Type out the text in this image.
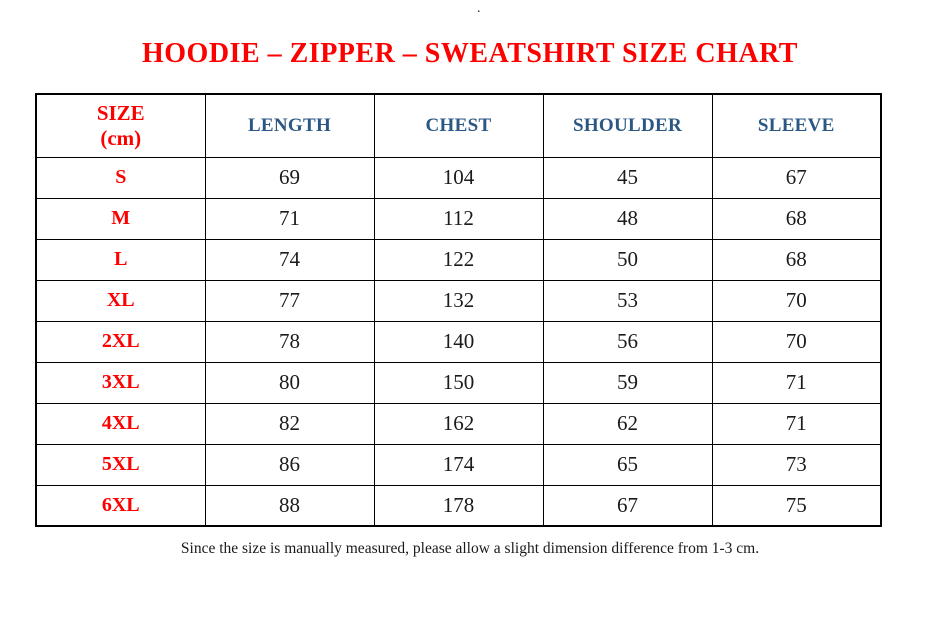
.
HOODIE – ZIPPER – SWEATSHIRT SIZE CHART
SIZE
(cm)	LENGTH	CHEST	SHOULDER	SLEEVE
S	69	104	45	67
M	71	112	48	68
L	74	122	50	68
XL	77	132	53	70
2XL	78	140	56	70
3XL	80	150	59	71
4XL	82	162	62	71
5XL	86	174	65	73
6XL	88	178	67	75

Since the size is manually measured, please allow a slight dimension difference from 1-3 cm.
